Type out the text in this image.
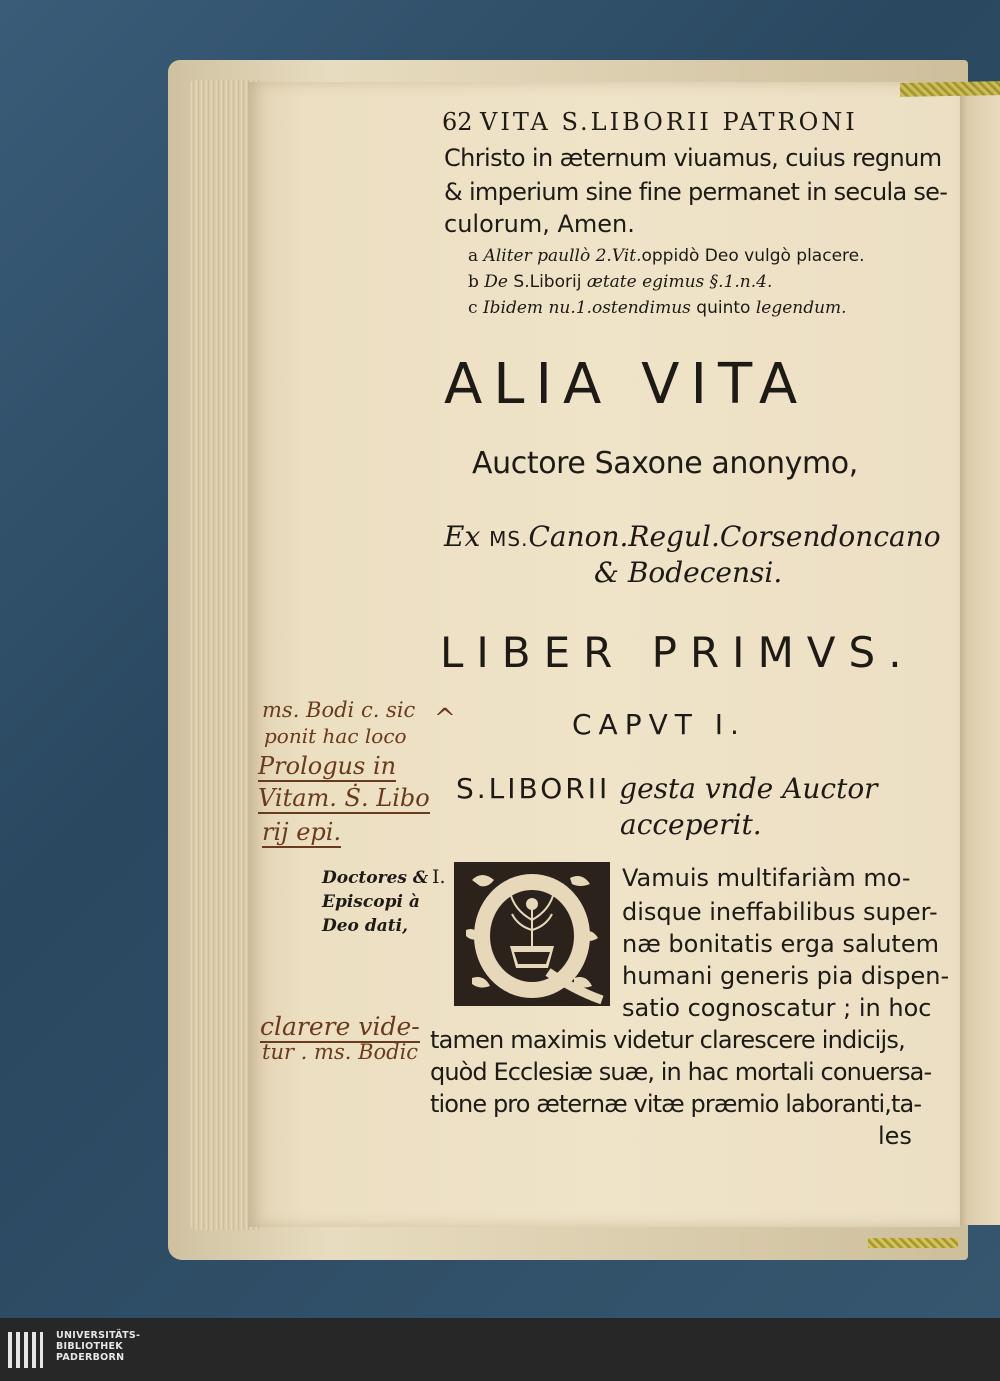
62 VITA S.LIBORII PATRONI
Christo in æternum viuamus, cuius regnum
& imperium sine fine permanet in secula se-
culorum, Amen.
a Aliter paullò 2.Vit.oppidò Deo vulgò placere.
b De S.Liborij ætate egimus §.1.n.4.
c Ibidem nu.1.ostendimus quinto legendum.
ALIA VITA
Auctore Saxone anonymo,
Ex MS.Canon.Regul.Corsendoncano
& Bodecensi.
LIBER PRIMVS.
CAPVT I.
S.LIBORII gesta vnde Auctor
acceperit.
Doctores &
Episcopi à
Deo dati,
I.	Vamuis multifariàm mo-
disque ineffabilibus super-
næ bonitatis erga salutem
humani generis pia dispen-
satio cognoscatur ; in hoc
tamen maximis videtur clarescere indicijs,
quòd Ecclesiæ suæ, in hac mortali conuersa-
tione pro æternæ vitæ præmio laboranti,ta-
les
ms. Bodi c. sic
ponit hac loco
^
Prologus in
Vitam. Ṡ. Libo
rij epi.
clarere vide-
tur . ms. Bodic
UNIVERSITÄTS-
BIBLIOTHEK
PADERBORN
